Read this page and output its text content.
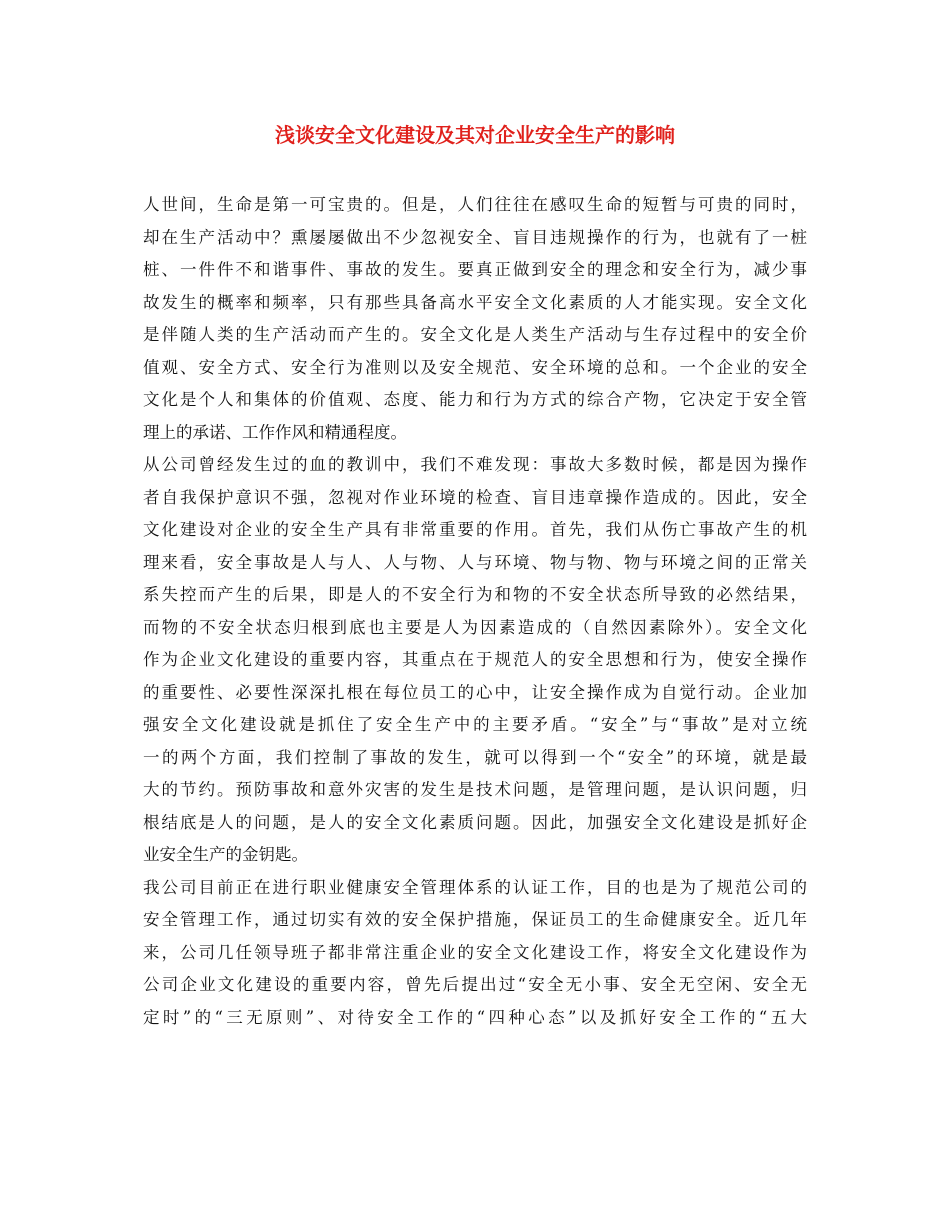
浅谈安全文化建设及其对企业安全生产的影响
人世间，生命是第一可宝贵的。但是，人们往往在感叹生命的短暂与可贵的同时，
却在生产活动中？熏屡屡做出不少忽视安全、盲目违规操作的行为，也就有了一桩
桩、一件件不和谐事件、事故的发生。要真正做到安全的理念和安全行为，减少事
故发生的概率和频率，只有那些具备高水平安全文化素质的人才能实现。安全文化
是伴随人类的生产活动而产生的。安全文化是人类生产活动与生存过程中的安全价
值观、安全方式、安全行为准则以及安全规范、安全环境的总和。一个企业的安全
文化是个人和集体的价值观、态度、能力和行为方式的综合产物，它决定于安全管
理上的承诺、工作作风和精通程度。
从公司曾经发生过的血的教训中，我们不难发现：事故大多数时候，都是因为操作
者自我保护意识不强，忽视对作业环境的检查、盲目违章操作造成的。因此，安全
文化建设对企业的安全生产具有非常重要的作用。首先，我们从伤亡事故产生的机
理来看，安全事故是人与人、人与物、人与环境、物与物、物与环境之间的正常关
系失控而产生的后果，即是人的不安全行为和物的不安全状态所导致的必然结果，
而物的不安全状态归根到底也主要是人为因素造成的（自然因素除外）。安全文化
作为企业文化建设的重要内容，其重点在于规范人的安全思想和行为，使安全操作
的重要性、必要性深深扎根在每位员工的心中，让安全操作成为自觉行动。企业加
强安全文化建设就是抓住了安全生产中的主要矛盾。“安全”与“事故”是对立统
一的两个方面，我们控制了事故的发生，就可以得到一个“安全”的环境，就是最
大的节约。预防事故和意外灾害的发生是技术问题，是管理问题，是认识问题，归
根结底是人的问题，是人的安全文化素质问题。因此，加强安全文化建设是抓好企
业安全生产的金钥匙。
我公司目前正在进行职业健康安全管理体系的认证工作，目的也是为了规范公司的
安全管理工作，通过切实有效的安全保护措施，保证员工的生命健康安全。近几年
来，公司几任领导班子都非常注重企业的安全文化建设工作，将安全文化建设作为
公司企业文化建设的重要内容，曾先后提出过“安全无小事、安全无空闲、安全无
定时”的“三无原则”、对待安全工作的“四种心态”以及抓好安全工作的“五大
